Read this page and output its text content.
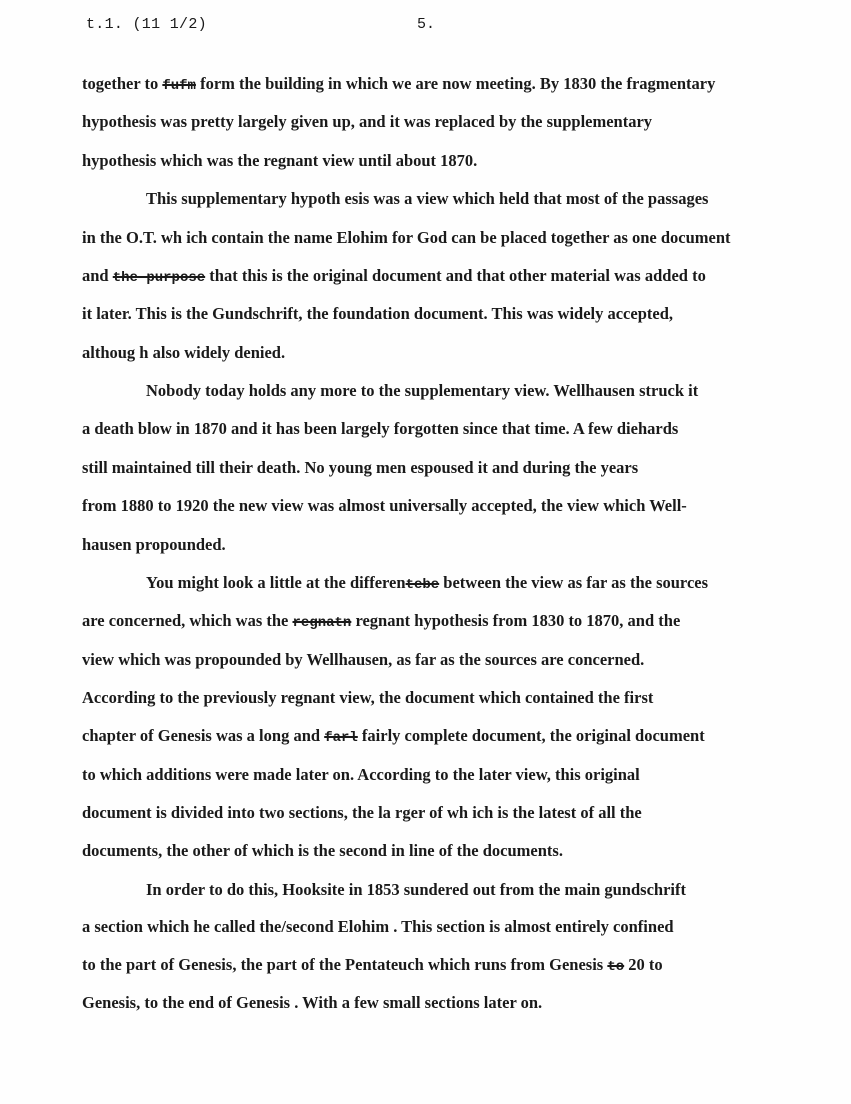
t.1. (11 1/2)	5.
together to fufm form the building in which we are now meeting. By 1830 the fragmentary
hypothesis was pretty largely given up, and it was replaced by the supplementary
hypothesis which was the regnant view until about 1870.
This supplementary hypoth esis was a view which held that most of the passages
in the O.T. wh ich contain the name Elohim for God can be placed together as one document
and the purpose that this is the original document and that other material was added to
it later. This is the Gundschrift, the foundation document. This was widely accepted,
althoug h also widely denied.
Nobody today holds any more to the supplementary view. Wellhausen struck it
a death blow in 1870 and it has been largely forgotten since that time. A few diehards
still maintained till their death. No young men espoused it and during the years
from 1880 to 1920 the new view was almost universally accepted, the view which Well-
hausen propounded.
You might look a little at the differentebe between the view as far as the sources
are concerned, which was the regnatn regnant hypothesis from 1830 to 1870, and the
view which was propounded by Wellhausen, as far as the sources are concerned.
According to the previously regnant view, the document which contained the first
chapter of Genesis was a long and farl fairly complete document, the original document
to which additions were made later on. According to the later view, this original
document is divided into two sections, the la rger of wh ich is the latest of all the
documents, the other of which is the second in line of the documents.
In order to do this, Hooksite in 1853 sundered out from the main gundschrift
a section which he called the/second Elohim . This section is almost entirely confined
to the part of Genesis, the part of the Pentateuch which runs from Genesis to 20 to
Genesis, to the end of Genesis . With a few small sections later on.
